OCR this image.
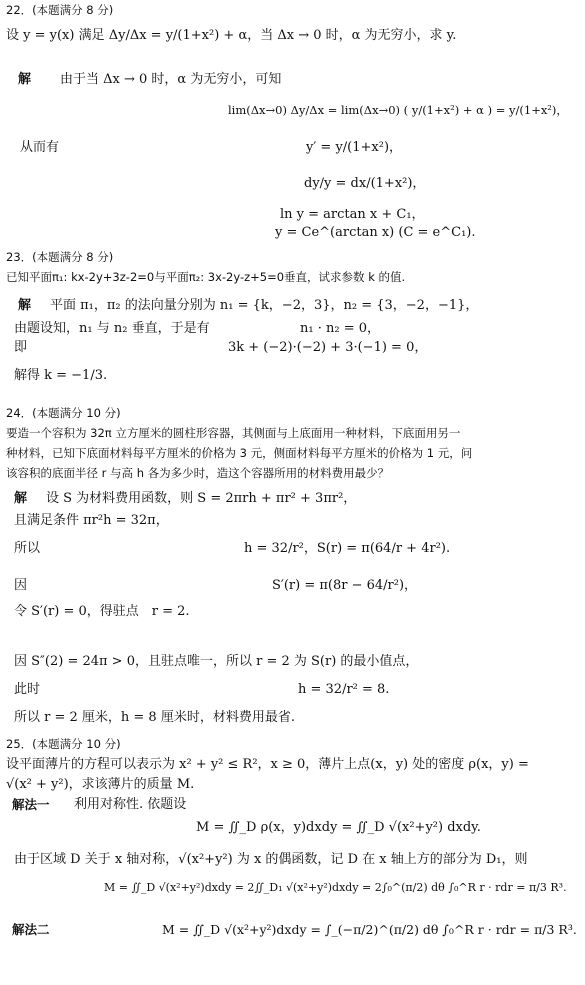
22．(本题满分 8 分)
设 y = y(x) 满足 Δy/Δx = y/(1+x²) + α，当 Δx → 0 时，α 为无穷小，求 y.
解 由于当 Δx → 0 时，α 为无穷小，可知
lim(Δx→0) Δy/Δx = lim(Δx→0) ( y/(1+x²) + α ) = y/(1+x²)，
从而有	y′ = y/(1+x²)，
dy/y = dx/(1+x²)，
ln y = arctan x + C₁，
y = Ce^(arctan x) (C = e^C₁).
23．(本题满分 8 分)
已知平面π₁: kx-2y+3z-2=0与平面π₂: 3x-2y-z+5=0垂直，试求参数 k 的值.
解 平面 π₁，π₂ 的法向量分别为 n₁ = {k，−2，3}，n₂ = {3，−2，−1}，
由题设知，n₁ 与 n₂ 垂直，于是有	n₁ · n₂ = 0，
即	3k + (−2)·(−2) + 3·(−1) = 0，
解得 k = −1/3.
24．(本题满分 10 分)
要造一个容积为 32π 立方厘米的圆柱形容器，其侧面与上底面用一种材料，下底面用另一
种材料，已知下底面材料每平方厘米的价格为 3 元，侧面材料每平方厘米的价格为 1 元，问
该容积的底面半径 r 与高 h 各为多少时，造这个容器所用的材料费用最少？
解 设 S 为材料费用函数，则 S = 2πrh + πr² + 3πr²，
且满足条件 πr²h = 32π，
所以	h = 32/r²，S(r) = π(64/r + 4r²).
因	S′(r) = π(8r − 64/r²)，
令 S′(r) = 0，得驻点　r = 2.
因 S″(2) = 24π > 0，且驻点唯一，所以 r = 2 为 S(r) 的最小值点，
此时	h = 32/r² = 8.
所以 r = 2 厘米，h = 8 厘米时，材料费用最省.
25．(本题满分 10 分)
设平面薄片的方程可以表示为 x² + y² ≤ R²，x ≥ 0，薄片上点(x，y) 处的密度 ρ(x，y) =
√(x² + y²)，求该薄片的质量 M.
解法一 利用对称性. 依题设
M = ∬_D ρ(x，y)dxdy = ∬_D √(x²+y²) dxdy.
由于区域 D 关于 x 轴对称，√(x²+y²) 为 x 的偶函数，记 D 在 x 轴上方的部分为 D₁，则
M = ∬_D √(x²+y²)dxdy = 2∬_D₁ √(x²+y²)dxdy = 2∫₀^(π/2) dθ ∫₀^R r · rdr = π/3 R³.
解法二	M = ∬_D √(x²+y²)dxdy = ∫_(−π/2)^(π/2) dθ ∫₀^R r · rdr = π/3 R³.
